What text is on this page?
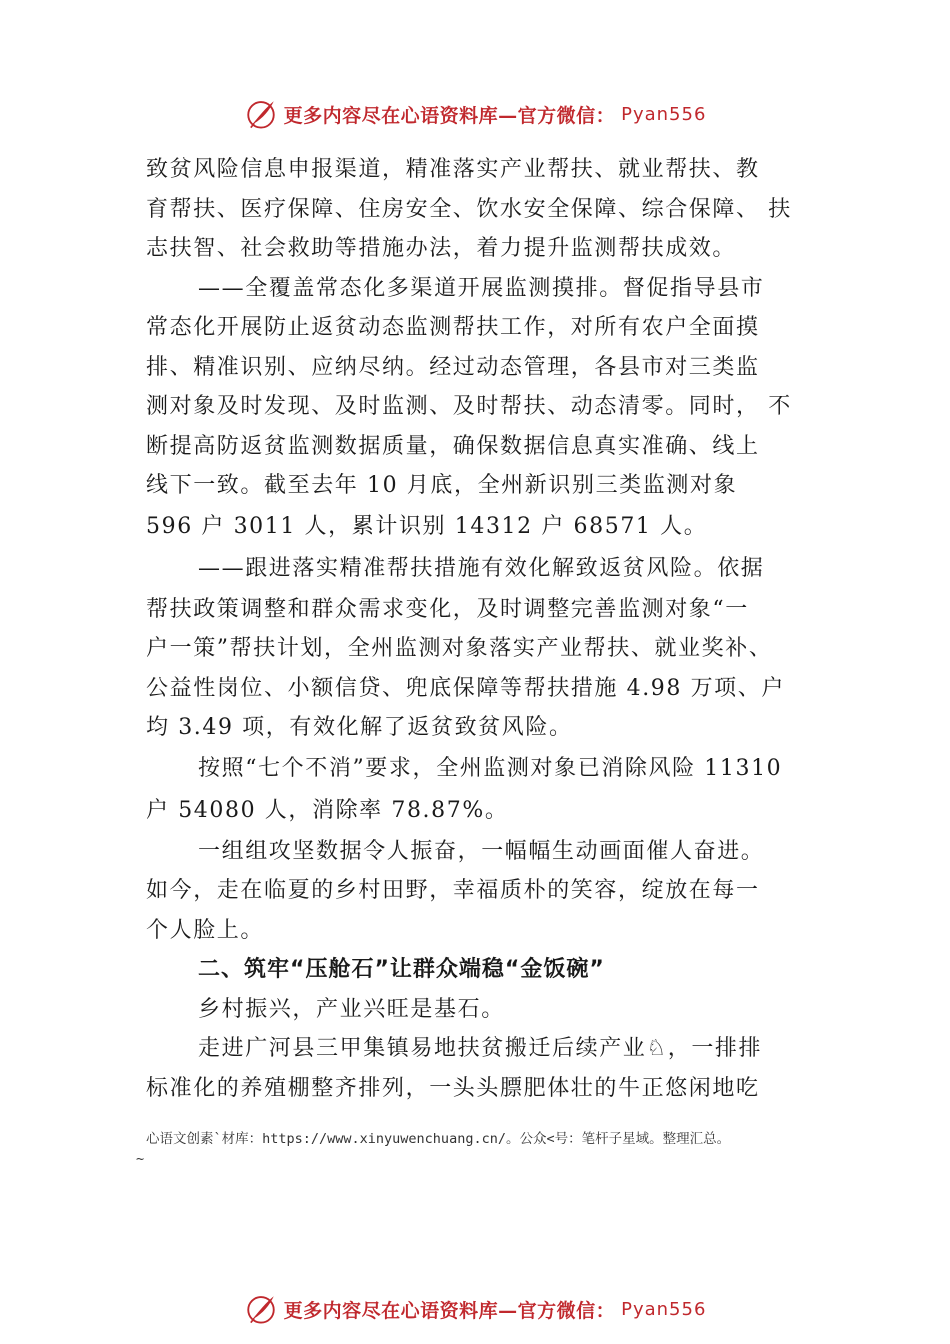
更多内容尽在心语资料库—官方微信： Pyan556
致贫风险信息申报渠道，精准落实产业帮扶、就业帮扶、教
育帮扶、医疗保障、住房安全、饮水安全保障、综合保障、 扶
志扶智、社会救助等措施办法，着力提升监测帮扶成效。
——全覆盖常态化多渠道开展监测摸排。督促指导县市
常态化开展防止返贫动态监测帮扶工作，对所有农户全面摸
排、精准识别、应纳尽纳。经过动态管理，各县市对三类监
测对象及时发现、及时监测、及时帮扶、动态清零。同时， 不
断提高防返贫监测数据质量，确保数据信息真实准确、线上
线下一致。截至去年 10 月底，全州新识别三类监测对象
596 户 3011 人，累计识别 14312 户 68571 人。
——跟进落实精准帮扶措施有效化解致返贫风险。依据
帮扶政策调整和群众需求变化，及时调整完善监测对象“一
户一策”帮扶计划，全州监测对象落实产业帮扶、就业奖补、
公益性岗位、小额信贷、兜底保障等帮扶措施 4.98 万项、户
均 3.49 项，有效化解了返贫致贫风险。
按照“七个不消”要求，全州监测对象已消除风险 11310
户 54080 人，消除率 78.87%。
一组组攻坚数据令人振奋，一幅幅生动画面催人奋进。
如今，走在临夏的乡村田野，幸福质朴的笑容，绽放在每一
个人脸上。
二、筑牢“压舱石”让群众端稳“金饭碗”
乡村振兴，产业兴旺是基石。
走进广河县三甲集镇易地扶贫搬迁后续产业♘，一排排
标准化的养殖棚整齐排列，一头头膘肥体壮的牛正悠闲地吃
心语文创素`材库：https://www.xinyuwenchuang.cn/。公众<号：笔杆子星域。整理汇总。
~
更多内容尽在心语资料库—官方微信： Pyan556
